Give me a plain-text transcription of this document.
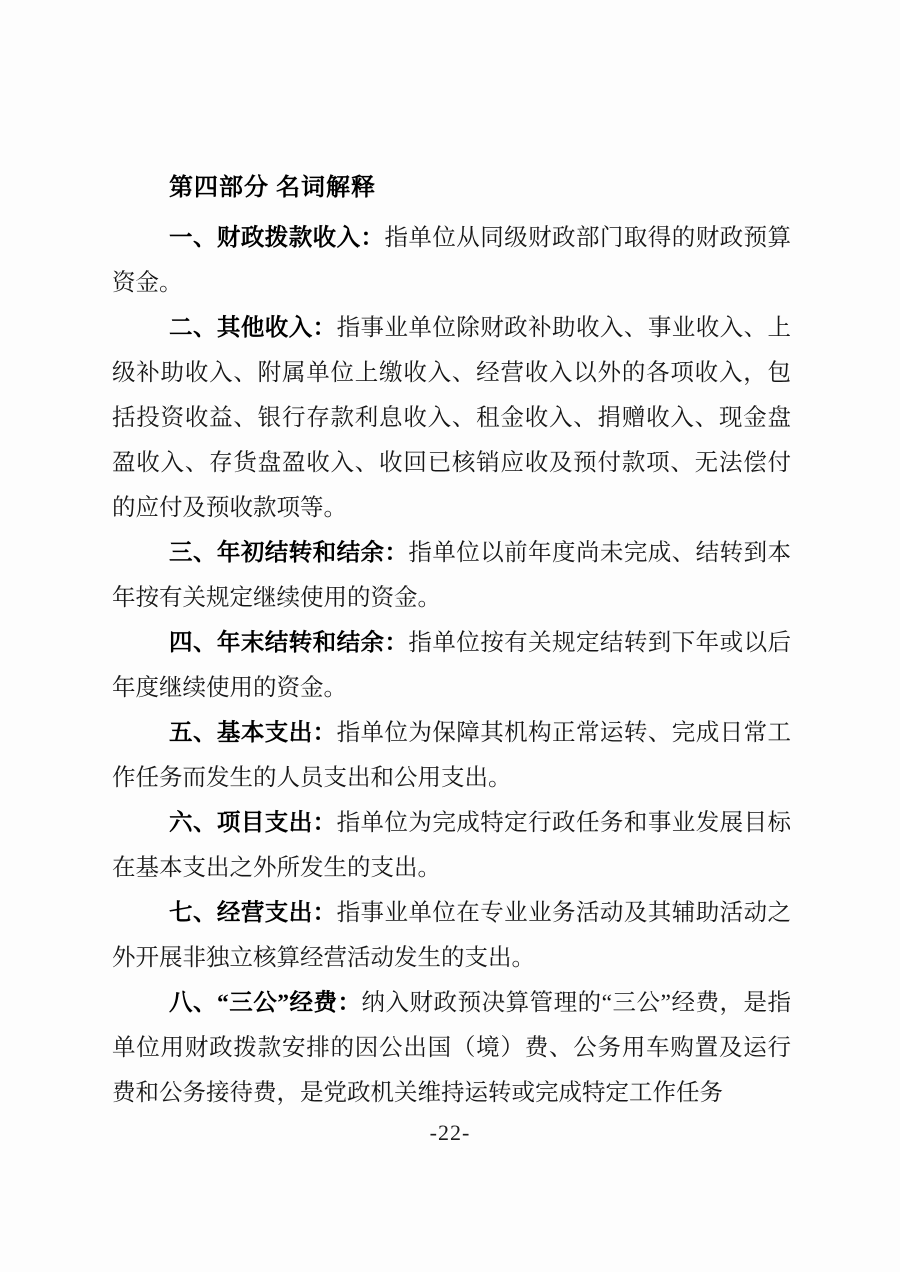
第四部分 名词解释

一、财政拨款收入：指单位从同级财政部门取得的财政预算资金。

二、其他收入：指事业单位除财政补助收入、事业收入、上级补助收入、附属单位上缴收入、经营收入以外的各项收入，包括投资收益、银行存款利息收入、租金收入、捐赠收入、现金盘盈收入、存货盘盈收入、收回已核销应收及预付款项、无法偿付的应付及预收款项等。

三、年初结转和结余：指单位以前年度尚未完成、结转到本年按有关规定继续使用的资金。

四、年末结转和结余：指单位按有关规定结转到下年或以后年度继续使用的资金。

五、基本支出：指单位为保障其机构正常运转、完成日常工作任务而发生的人员支出和公用支出。

六、项目支出：指单位为完成特定行政任务和事业发展目标在基本支出之外所发生的支出。

七、经营支出：指事业单位在专业业务活动及其辅助活动之外开展非独立核算经营活动发生的支出。

八、“三公”经费：纳入财政预决算管理的“三公”经费，是指单位用财政拨款安排的因公出国（境）费、公务用车购置及运行费和公务接待费，是党政机关维持运转或完成特定工作任务

-22-
